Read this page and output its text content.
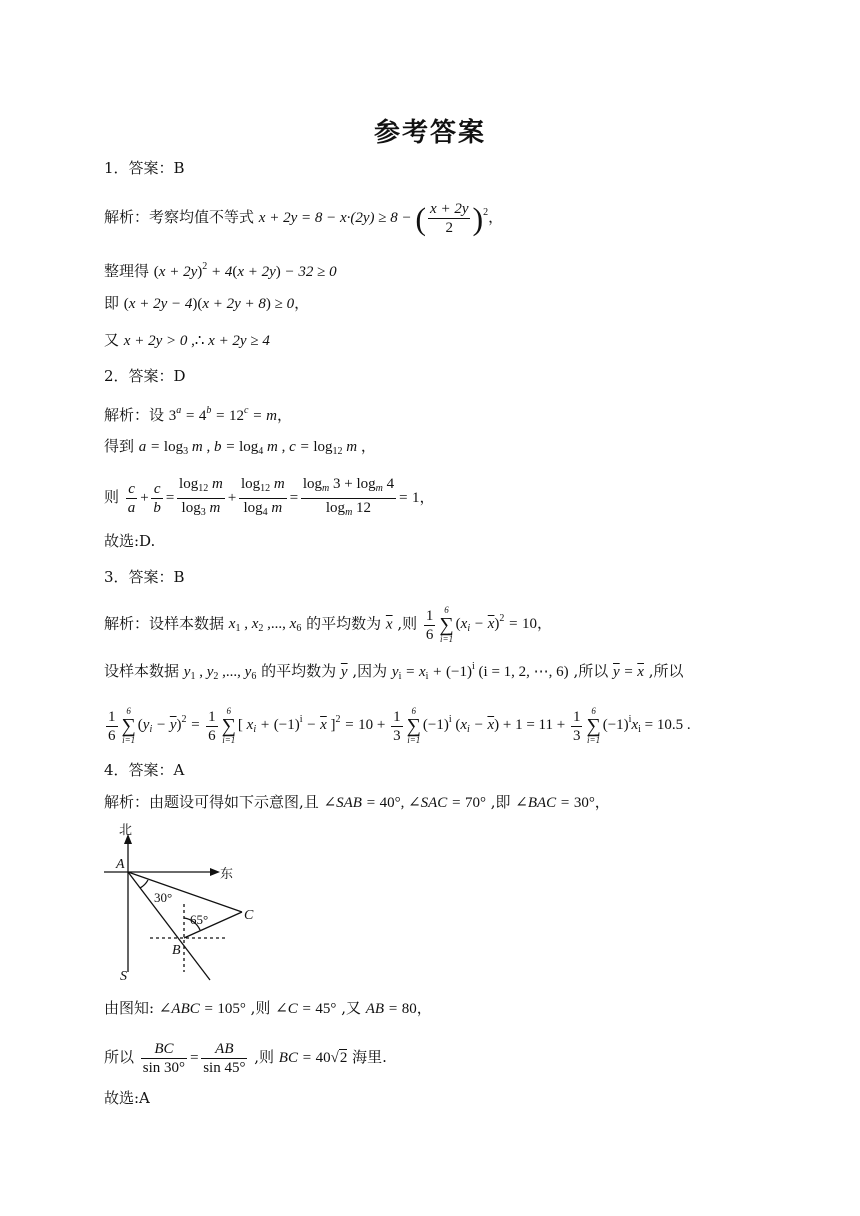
参考答案
1．答案：B
解析：考察均值不等式 x + 2y = 8 − x·(2y) ≥ 8 − ( $\frac{x + 2y}{2} )^2$，
整理得 $(x + 2y)^2 + 4(x + 2y) - 32 \ge 0$
即 (x + 2y − 4)(x + 2y + 8) ≥ 0，
又 x + 2y > 0 ,∴ x + 2y ≥ 4
2．答案：D
解析：设 $3^a = 4^b = 12^c = m$，
得到 $a = \log_3 m$ , $b = \log_4 m$ , $c = \log_{12} m$ ，
则 $\frac{c}{a} + \frac{c}{b} = \frac{\log_{12} m}{\log_3 m} + \frac{\log_{12} m}{\log_4 m} = \frac{\log_m 3 + \log_m 4}{\log_m 12} = 1$，
故选:D.
3．答案：B
解析：设样本数据 $x_1$ , $x_2$ ,..., $x_6$ 的平均数为 $\overline{x}$ ,则 $\frac{1}{6} 6$
∑
$i=1(x_i - \overline{x})^2 = 10$，
设样本数据 $y_1$ , $y_2$ ,..., $y_6$ 的平均数为 $\overline{y}$ ,因为 $y_i = x_i + (-1)^i$ (i = 1, 2, ⋯, 6) ,所以 $\overline{y} = \overline{x}$ ,所以
$\frac{1}{6} 6$
∑
$i=1(y_i - \overline{y})^2 = \frac{1}{6} 6$
∑
i=1[ $x_i + (-1)^i - \overline{x}$ ]$^2 = 10 + \frac{1}{3} 6$
∑
$i=1(-1)^i$ $(x_i - \overline{x}) + 1 = 11 + \frac{1}{3} 6$
∑
$i=1(-1)^ix_i = 10.5$ .
4．答案：A
解析：由题设可得如下示意图,且 ∠SAB = 40°, ∠SAC = 70° ,即 ∠BAC = 30°，
北
东
A
B
C
S
30°
65°
由图知: ∠ABC = 105° ,则 ∠C = 45° ,又 AB = 80，
所以 $\frac{BC}{\sin 30^\circ} = \frac{AB}{\sin 45^\circ}$ ,则 BC = 40√2 海里.
故选:A
